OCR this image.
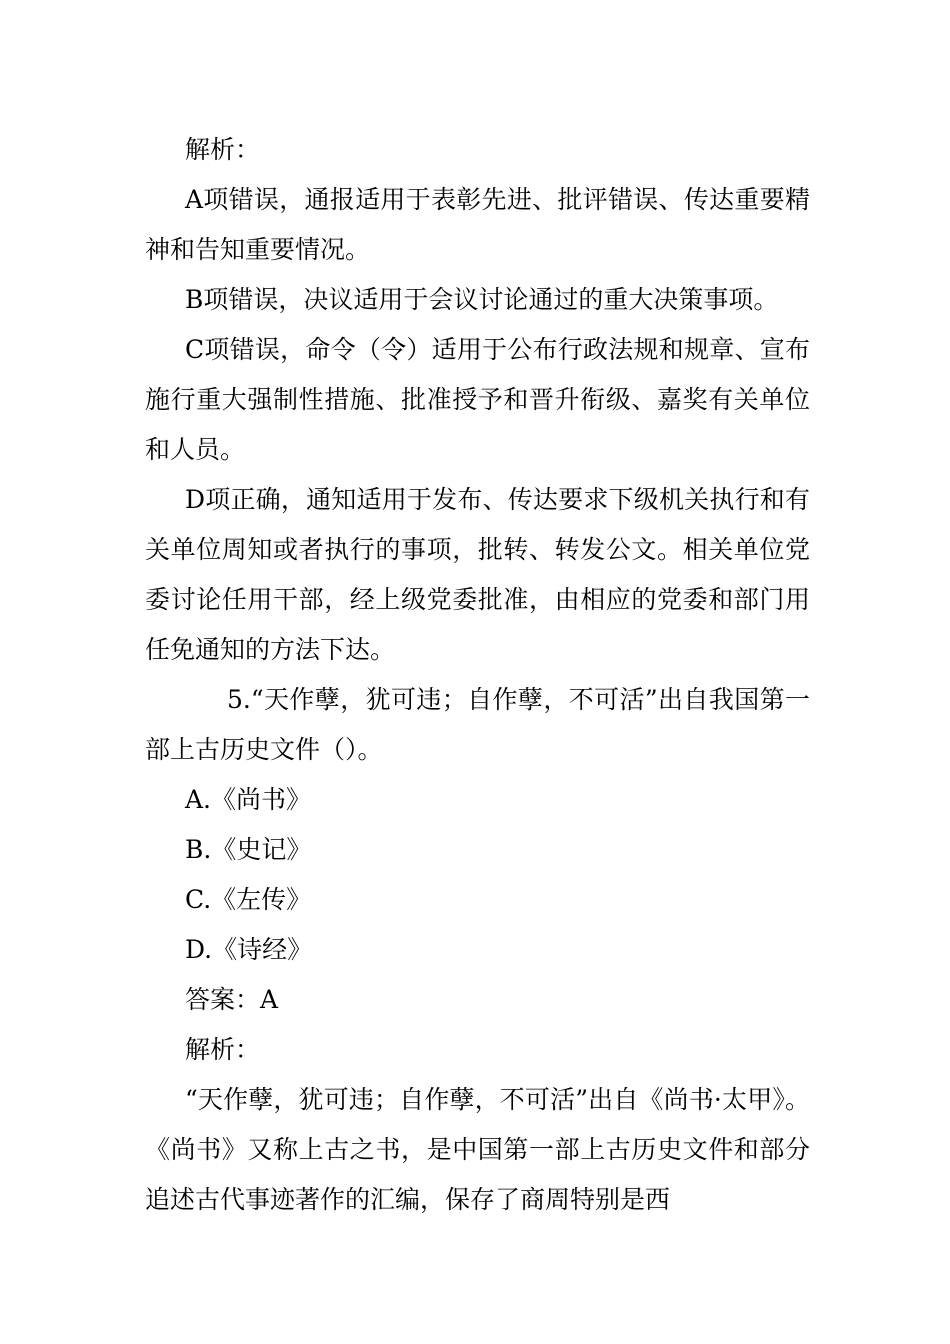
解析：

A项错误，通报适用于表彰先进、批评错误、传达重要精神和告知重要情况。

B项错误，决议适用于会议讨论通过的重大决策事项。

C项错误，命令（令）适用于公布行政法规和规章、宣布施行重大强制性措施、批准授予和晋升衔级、嘉奖有关单位和人员。

D项正确，通知适用于发布、传达要求下级机关执行和有关单位周知或者执行的事项，批转、转发公文。相关单位党委讨论任用干部，经上级党委批准，由相应的党委和部门用任免通知的方法下达。

5.“天作孽，犹可违；自作孽，不可活”出自我国第一部上古历史文件（）。

A.《尚书》

B.《史记》

C.《左传》

D.《诗经》

答案：A

解析：

“天作孽，犹可违；自作孽，不可活”出自《尚书·太甲》。《尚书》又称上古之书，是中国第一部上古历史文件和部分追述古代事迹著作的汇编，保存了商周特别是西
